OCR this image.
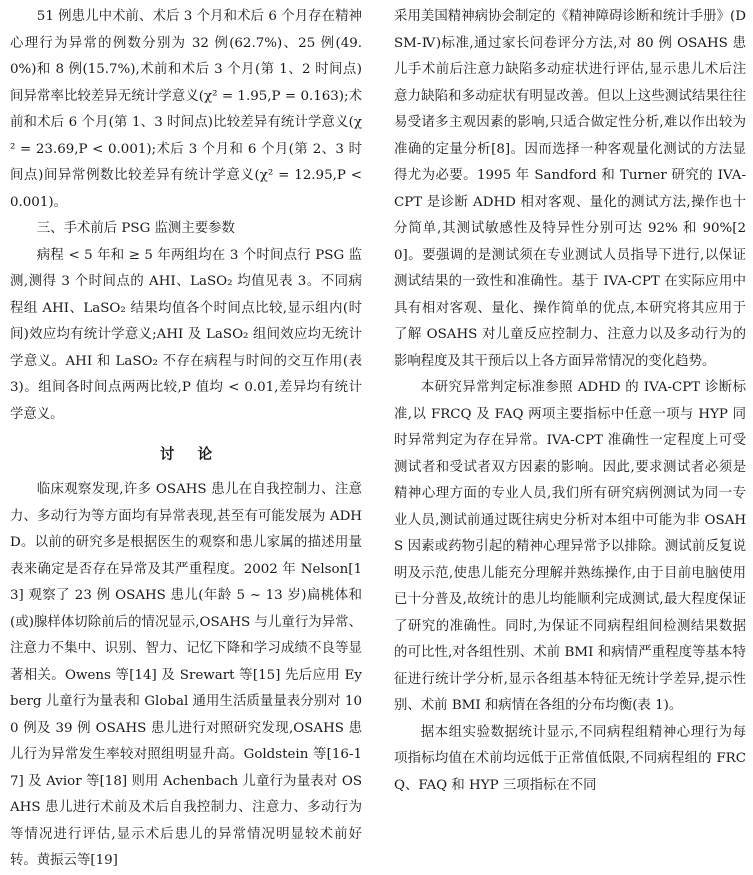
51 例患儿中术前、术后 3 个月和术后 6 个月存在精神心理行为异常的例数分别为 32 例(62.7%)、25 例(49.0%)和 8 例(15.7%),术前和术后 3 个月(第 1、2 时间点)间异常率比较差异无统计学意义(χ² = 1.95,P = 0.163);术前和术后 6 个月(第 1、3 时间点)比较差异有统计学意义(χ² = 23.69,P < 0.001);术后 3 个月和 6 个月(第 2、3 时间点)间异常例数比较差异有统计学意义(χ² = 12.95,P < 0.001)。

三、手术前后 PSG 监测主要参数

病程 < 5 年和 ≥ 5 年两组均在 3 个时间点行 PSG 监测,测得 3 个时间点的 AHI、LaSO₂ 均值见表 3。不同病程组 AHI、LaSO₂ 结果均值各个时间点比较,显示组内(时间)效应均有统计学意义;AHI 及 LaSO₂ 组间效应均无统计学意义。AHI 和 LaSO₂ 不存在病程与时间的交互作用(表 3)。组间各时间点两两比较,P 值均 < 0.01,差异均有统计学意义。

讨论

临床观察发现,许多 OSAHS 患儿在自我控制力、注意力、多动行为等方面均有异常表现,甚至有可能发展为 ADHD。以前的研究多是根据医生的观察和患儿家属的描述用量表来确定是否存在异常及其严重程度。2002 年 Nelson[13] 观察了 23 例 OSAHS 患儿(年龄 5 ~ 13 岁)扁桃体和(或)腺样体切除前后的情况显示,OSAHS 与儿童行为异常、注意力不集中、识别、智力、记忆下降和学习成绩不良等显著相关。Owens 等[14] 及 Srewart 等[15] 先后应用 Eyberg 儿童行为量表和 Global 通用生活质量量表分别对 100 例及 39 例 OSAHS 患儿进行对照研究发现,OSAHS 患儿行为异常发生率较对照组明显升高。Goldstein 等[16-17] 及 Avior 等[18] 则用 Achenbach 儿童行为量表对 OSAHS 患儿进行术前及术后自我控制力、注意力、多动行为等情况进行评估,显示术后患儿的异常情况明显较术前好转。黄振云等[19]

采用美国精神病协会制定的《精神障碍诊断和统计手册》(DSM-Ⅳ)标准,通过家长问卷评分方法,对 80 例 OSAHS 患儿手术前后注意力缺陷多动症状进行评估,显示患儿术后注意力缺陷和多动症状有明显改善。但以上这些测试结果往往易受诸多主观因素的影响,只适合做定性分析,难以作出较为准确的定量分析[8]。因而选择一种客观量化测试的方法显得尤为必要。1995 年 Sandford 和 Turner 研究的 IVA-CPT 是诊断 ADHD 相对客观、量化的测试方法,操作也十分简单,其测试敏感性及特异性分别可达 92% 和 90%[20]。要强调的是测试须在专业测试人员指导下进行,以保证测试结果的一致性和准确性。基于 IVA-CPT 在实际应用中具有相对客观、量化、操作简单的优点,本研究将其应用于了解 OSAHS 对儿童反应控制力、注意力以及多动行为的影响程度及其干预后以上各方面异常情况的变化趋势。

本研究异常判定标准参照 ADHD 的 IVA-CPT 诊断标准,以 FRCQ 及 FAQ 两项主要指标中任意一项与 HYP 同时异常判定为存在异常。IVA-CPT 准确性一定程度上可受测试者和受试者双方因素的影响。因此,要求测试者必须是精神心理方面的专业人员,我们所有研究病例测试为同一专业人员,测试前通过既往病史分析对本组中可能为非 OSAHS 因素或药物引起的精神心理异常予以排除。测试前反复说明及示范,使患儿能充分理解并熟练操作,由于目前电脑使用已十分普及,故统计的患儿均能顺利完成测试,最大程度保证了研究的准确性。同时,为保证不同病程组间检测结果数据的可比性,对各组性别、术前 BMI 和病情严重程度等基本特征进行统计学分析,显示各组基本特征无统计学差异,提示性别、术前 BMI 和病情在各组的分布均衡(表 1)。

据本组实验数据统计显示,不同病程组精神心理行为每项指标均值在术前均远低于正常值低限,不同病程组的 FRCQ、FAQ 和 HYP 三项指标在不同
